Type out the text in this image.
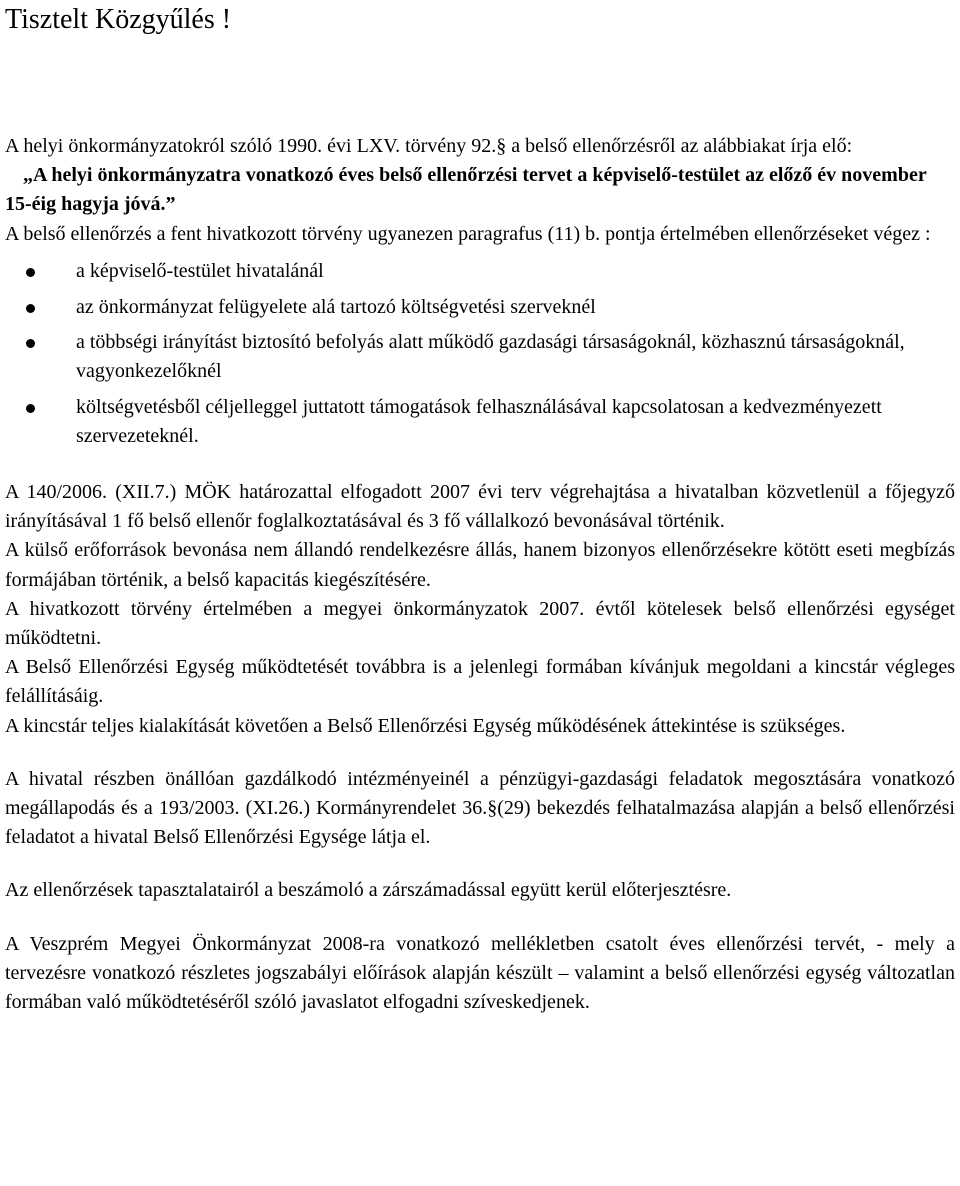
Tisztelt Közgyűlés !

A helyi önkormányzatokról szóló 1990. évi LXV. törvény 92.§ a belső ellenőrzésről az alábbiakat írja elő:

„A helyi önkormányzatra vonatkozó éves belső ellenőrzési tervet a képviselő-testület az előző év november 15-éig hagyja jóvá.”

A belső ellenőrzés a fent hivatkozott törvény ugyanezen paragrafus (11) b. pontja értelmében ellenőrzéseket végez :

a képviselő-testület hivatalánál
az önkormányzat felügyelete alá tartozó költségvetési szerveknél
a többségi irányítást biztosító befolyás alatt működő gazdasági társaságoknál, közhasznú társaságoknál, vagyonkezelőknél
költségvetésből céljelleggel juttatott támogatások felhasználásával kapcsolatosan a kedvezményezett szervezeteknél.

A 140/2006. (XII.7.) MÖK határozattal elfogadott 2007 évi terv végrehajtása a hivatalban közvetlenül a főjegyző irányításával 1 fő belső ellenőr foglalkoztatásával és 3 fő vállalkozó bevonásával történik.

A külső erőforrások bevonása nem állandó rendelkezésre állás, hanem bizonyos ellenőrzésekre kötött eseti megbízás formájában történik, a belső kapacitás kiegészítésére.

A hivatkozott törvény értelmében a megyei önkormányzatok 2007. évtől kötelesek belső ellenőrzési egységet működtetni.

A Belső Ellenőrzési Egység működtetését továbbra is a jelenlegi formában kívánjuk megoldani a kincstár végleges felállításáig.

A kincstár teljes kialakítását követően a Belső Ellenőrzési Egység működésének áttekintése is szükséges.

A hivatal részben önállóan gazdálkodó intézményeinél a pénzügyi-gazdasági feladatok megosztására vonatkozó megállapodás és a 193/2003. (XI.26.) Kormányrendelet 36.§(29) bekezdés felhatalmazása alapján a belső ellenőrzési feladatot a hivatal Belső Ellenőrzési Egysége látja el.

Az ellenőrzések tapasztalatairól a beszámoló a zárszámadással együtt kerül előterjesztésre.

A Veszprém Megyei Önkormányzat 2008-ra vonatkozó mellékletben csatolt éves ellenőrzési tervét, - mely a tervezésre vonatkozó részletes jogszabályi előírások alapján készült – valamint a belső ellenőrzési egység változatlan formában való működtetéséről szóló javaslatot elfogadni szíveskedjenek.
